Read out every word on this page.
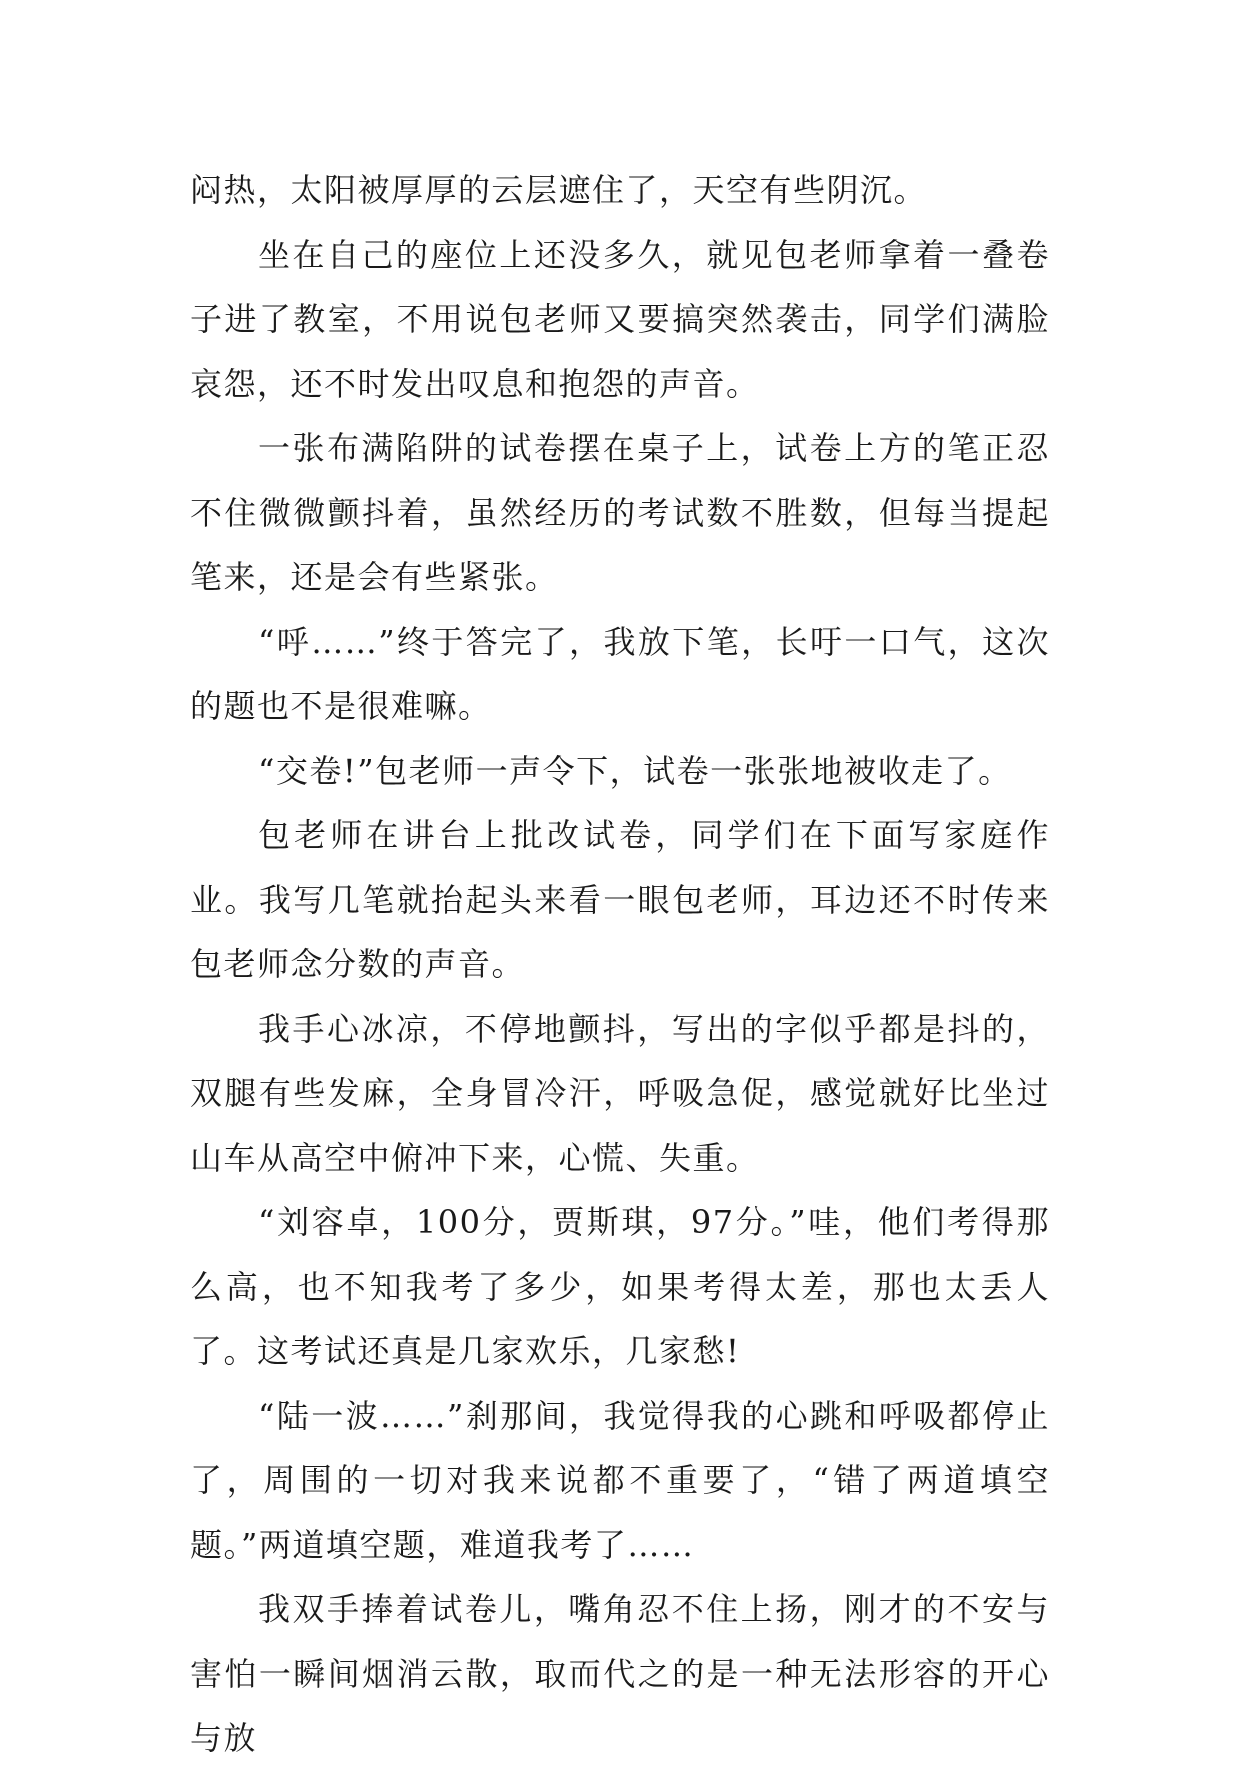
闷热，太阳被厚厚的云层遮住了，天空有些阴沉。

坐在自己的座位上还没多久，就见包老师拿着一叠卷子进了教室，不用说包老师又要搞突然袭击，同学们满脸哀怨，还不时发出叹息和抱怨的声音。

一张布满陷阱的试卷摆在桌子上，试卷上方的笔正忍不住微微颤抖着，虽然经历的考试数不胜数，但每当提起笔来，还是会有些紧张。

“呼……”终于答完了，我放下笔，长吁一口气，这次的题也不是很难嘛。

“交卷!”包老师一声令下，试卷一张张地被收走了。

包老师在讲台上批改试卷，同学们在下面写家庭作业。我写几笔就抬起头来看一眼包老师，耳边还不时传来包老师念分数的声音。

我手心冰凉，不停地颤抖，写出的字似乎都是抖的，双腿有些发麻，全身冒冷汗，呼吸急促，感觉就好比坐过山车从高空中俯冲下来，心慌、失重。

“刘容卓，100分，贾斯琪，97分。”哇，他们考得那么高，也不知我考了多少，如果考得太差，那也太丢人了。这考试还真是几家欢乐，几家愁!

“陆一波……”刹那间，我觉得我的心跳和呼吸都停止了，周围的一切对我来说都不重要了，“错了两道填空题。”两道填空题，难道我考了……

我双手捧着试卷儿，嘴角忍不住上扬，刚才的不安与害怕一瞬间烟消云散，取而代之的是一种无法形容的开心与放
